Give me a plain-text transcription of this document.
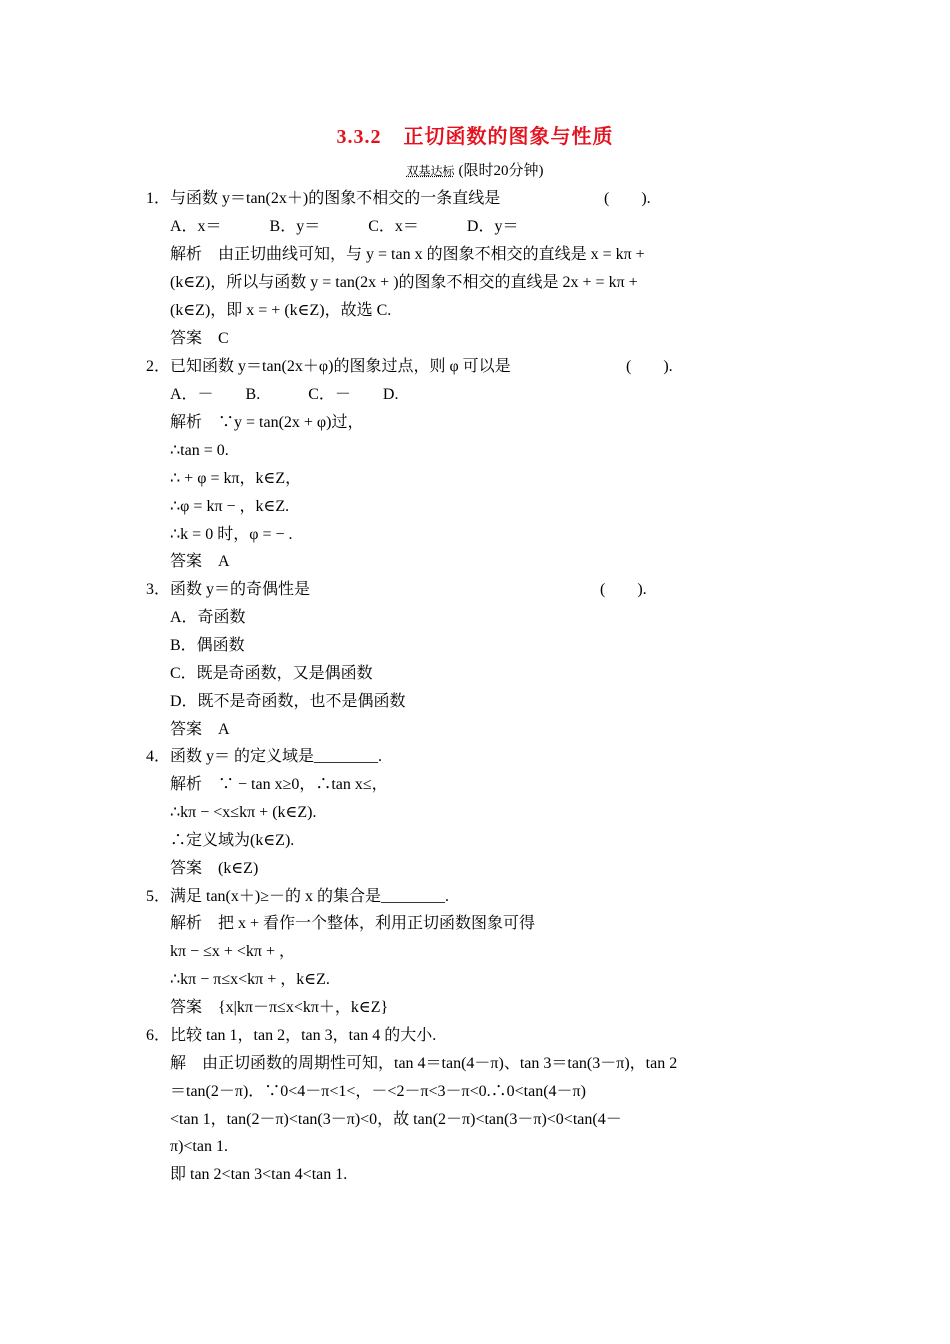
3.3.2 正切函数的图象与性质
双基达标 (限时20分钟)
1．与函数 y＝tan(2x＋)的图象不相交的一条直线是
A．x＝　　　B．y＝　　　C．x＝　　　D．y＝
解析　由正切曲线可知，与 y = tan x 的图象不相交的直线是 x = kπ +
(k∈Z)，所以与函数 y = tan(2x + )的图象不相交的直线是 2x + = kπ +
(k∈Z)，即 x = + (k∈Z)，故选 C.
答案　C
2．已知函数 y＝tan(2x＋φ)的图象过点，则 φ 可以是
A．－　　B.　　　C．－　　D.
解析　∵y = tan(2x + φ)过，
∴tan = 0.
∴ + φ = kπ，k∈Z，
∴φ = kπ − ，k∈Z.
∴k = 0 时，φ = − .
答案　A
3．函数 y＝的奇偶性是
A．奇函数
B．偶函数
C．既是奇函数，又是偶函数
D．既不是奇函数，也不是偶函数
答案　A
4．函数 y＝ 的定义域是________.
解析　∵ − tan x≥0，∴tan x≤，
∴kπ − <x≤kπ + (k∈Z).
∴定义域为(k∈Z).
答案　(k∈Z)
5．满足 tan(x＋)≥－的 x 的集合是________.
解析　把 x + 看作一个整体，利用正切函数图象可得
kπ − ≤x + <kπ + ，
∴kπ − π≤x<kπ + ，k∈Z.
答案　{x|kπ－π≤x<kπ＋，k∈Z}
6．比较 tan 1，tan 2，tan 3，tan 4 的大小.
解　由正切函数的周期性可知，tan 4＝tan(4－π)、tan 3＝tan(3－π)，tan 2
＝tan(2－π)．∵0<4－π<1<，－<2－π<3－π<0.∴0<tan(4－π)
<tan 1，tan(2－π)<tan(3－π)<0，故 tan(2－π)<tan(3－π)<0<tan(4－
π)<tan 1.
即 tan 2<tan 3<tan 4<tan 1.
(　　).
(　　).
(　　).
